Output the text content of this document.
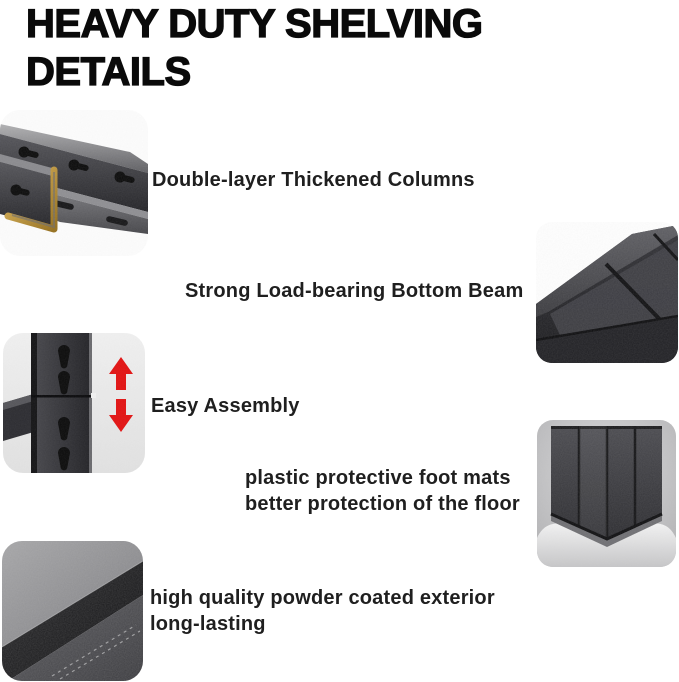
HEAVY DUTY SHELVING
DETAILS
Double-layer Thickened Columns
Strong Load-bearing Bottom Beam
Easy Assembly
plastic protective foot mats
better protection of the floor
high quality powder coated exterior
long-lasting
